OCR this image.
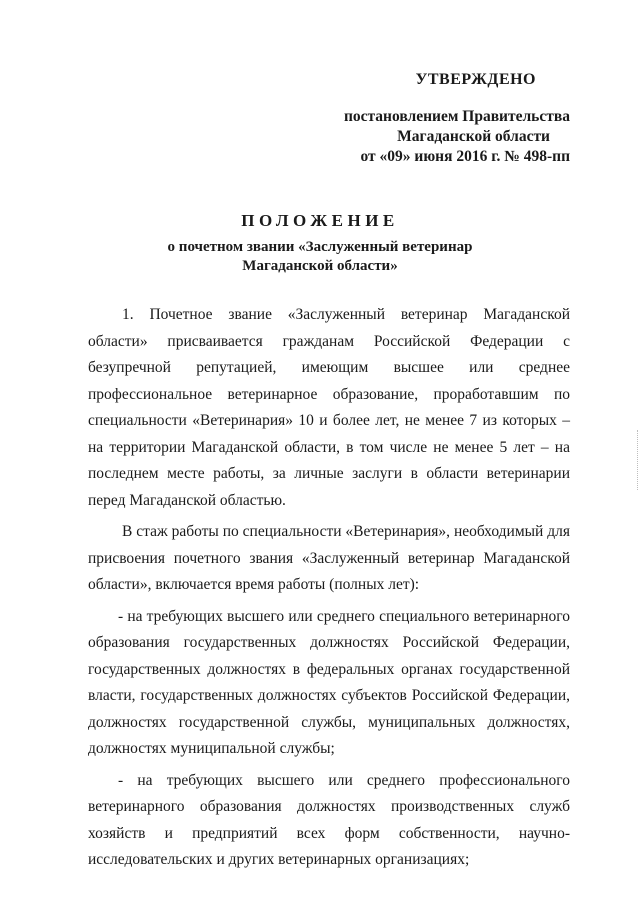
УТВЕРЖДЕНО
постановлением Правительства
Магаданской области
от «09» июня 2016 г. № 498-пп
ПОЛОЖЕНИЕ
о почетном звании «Заслуженный ветеринар
Магаданской области»

1. Почетное звание «Заслуженный ветеринар Магаданской области» присваивается гражданам Российской Федерации с безупречной репутацией, имеющим высшее или среднее профессиональное ветеринарное образование, проработавшим по специальности «Ветеринария» 10 и более лет, не менее 7 из которых – на территории Магаданской области, в том числе не менее 5 лет – на последнем месте работы, за личные заслуги в области ветеринарии перед Магаданской областью.

В стаж работы по специальности «Ветеринария», необходимый для присвоения почетного звания «Заслуженный ветеринар Магаданской области», включается время работы (полных лет):

- на требующих высшего или среднего специального ветеринарного образования государственных должностях Российской Федерации, государственных должностях в федеральных органах государственной власти, государственных должностях субъектов Российской Федерации, должностях государственной службы, муниципальных должностях, должностях муниципальной службы;

- на требующих высшего или среднего профессионального ветеринарного образования должностях производственных служб хозяйств и предприятий всех форм собственности, научно-исследовательских и других ветеринарных организациях;
